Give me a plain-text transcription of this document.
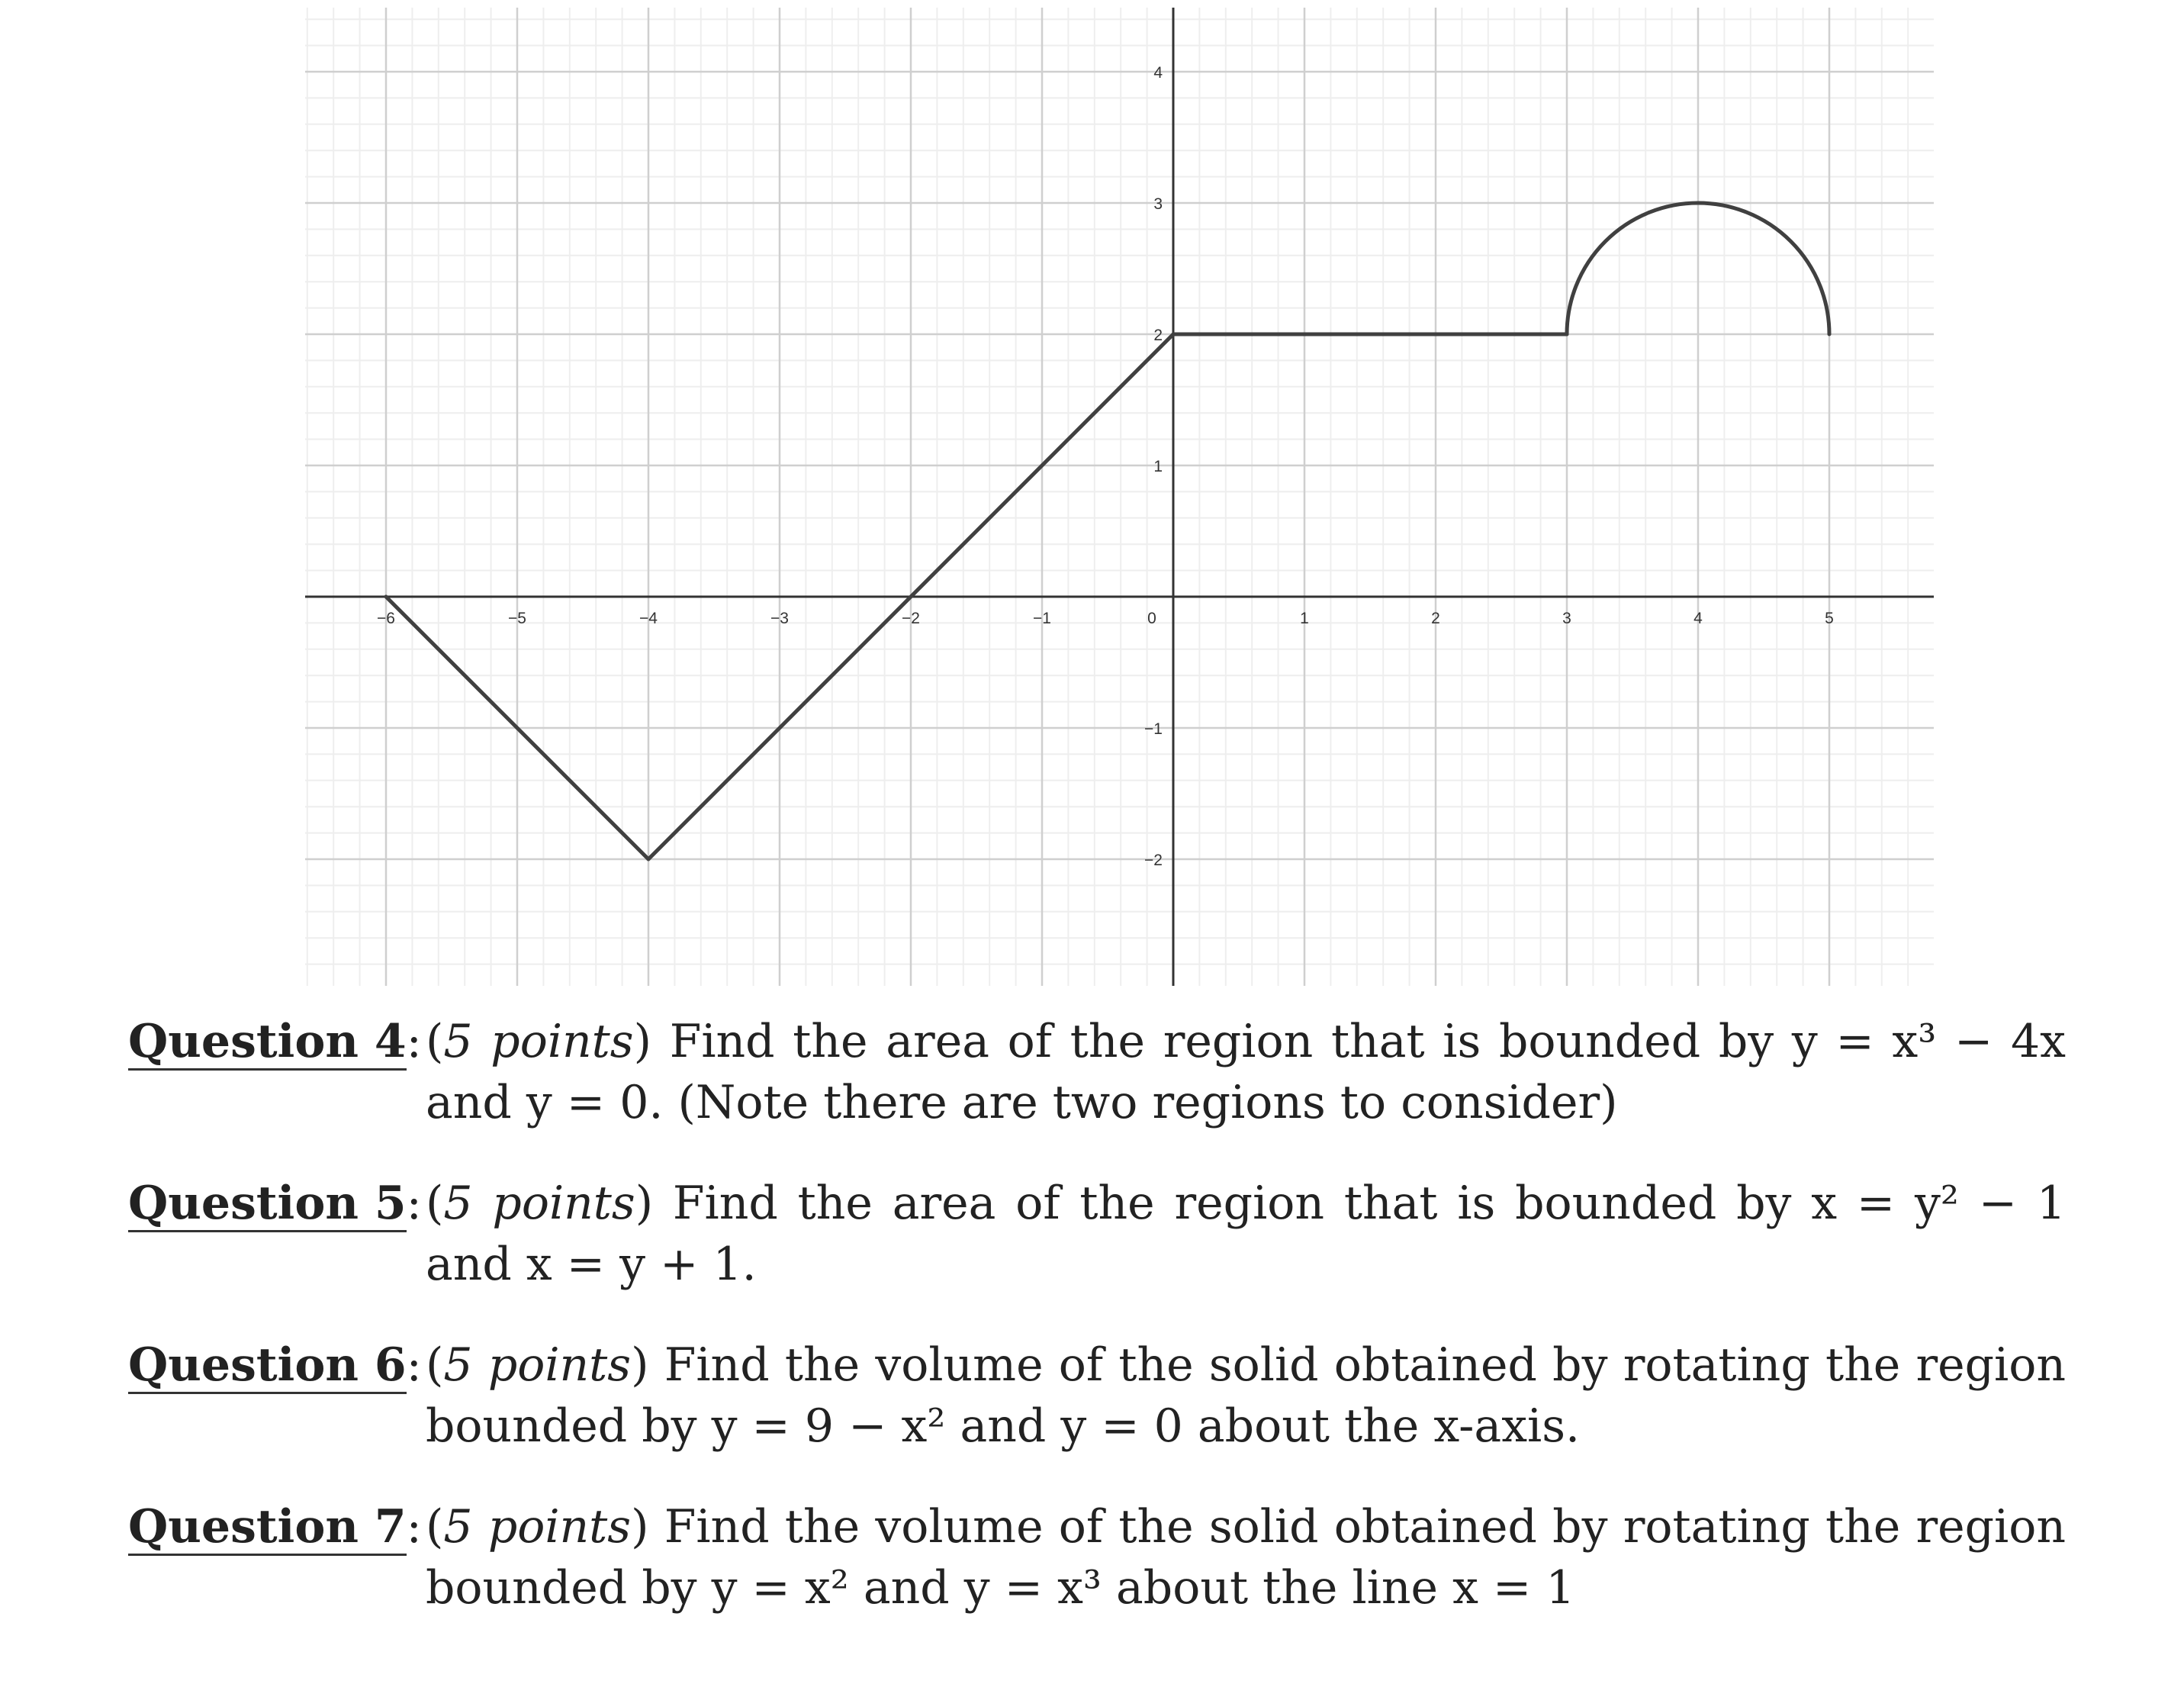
−6	−5	−4	−3	−2	−1	0	1	2	3	4	5
4
3
2
1
−1
−2
Question 4: (5 points) Find the area of the region that is bounded by y = x³ − 4x and y = 0. (Note there are two regions to consider)
Question 5: (5 points) Find the area of the region that is bounded by x = y² − 1 and x = y + 1.
Question 6: (5 points) Find the volume of the solid obtained by rotating the region bounded by y = 9 − x² and y = 0 about the x-axis.
Question 7: (5 points) Find the volume of the solid obtained by rotating the region bounded by y = x² and y = x³ about the line x = 1
